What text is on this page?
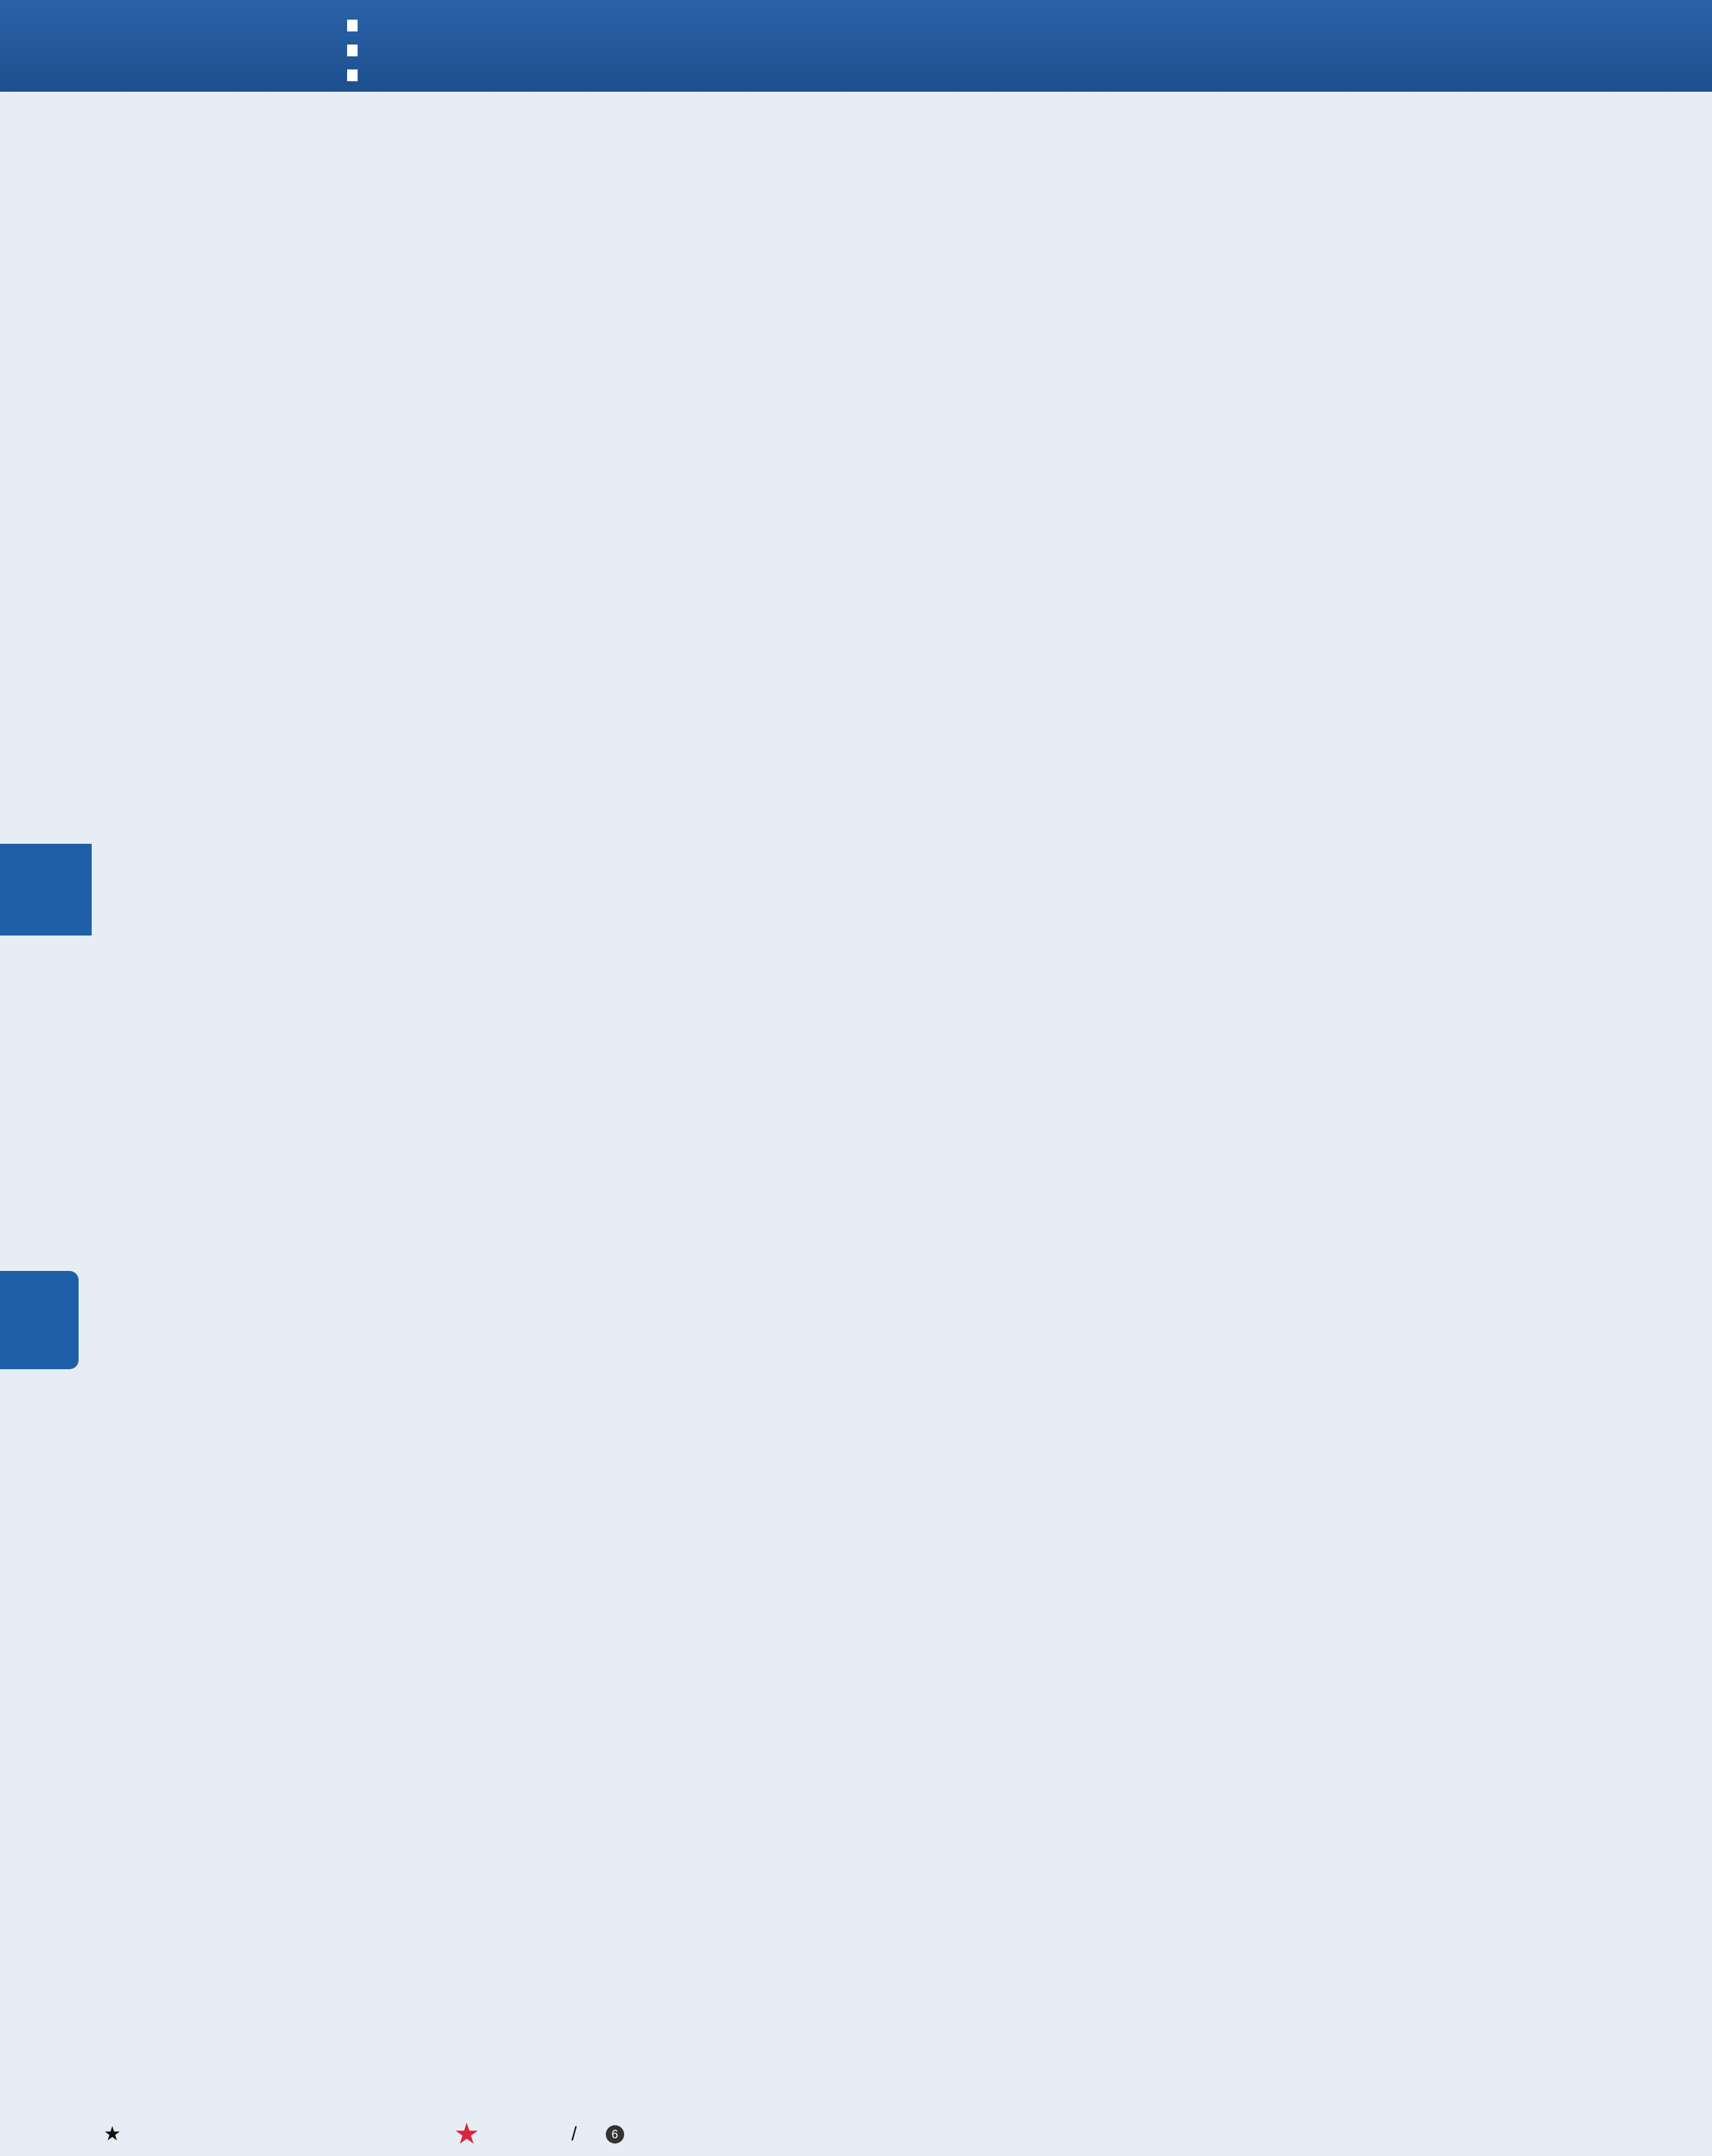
★	★	/	6
